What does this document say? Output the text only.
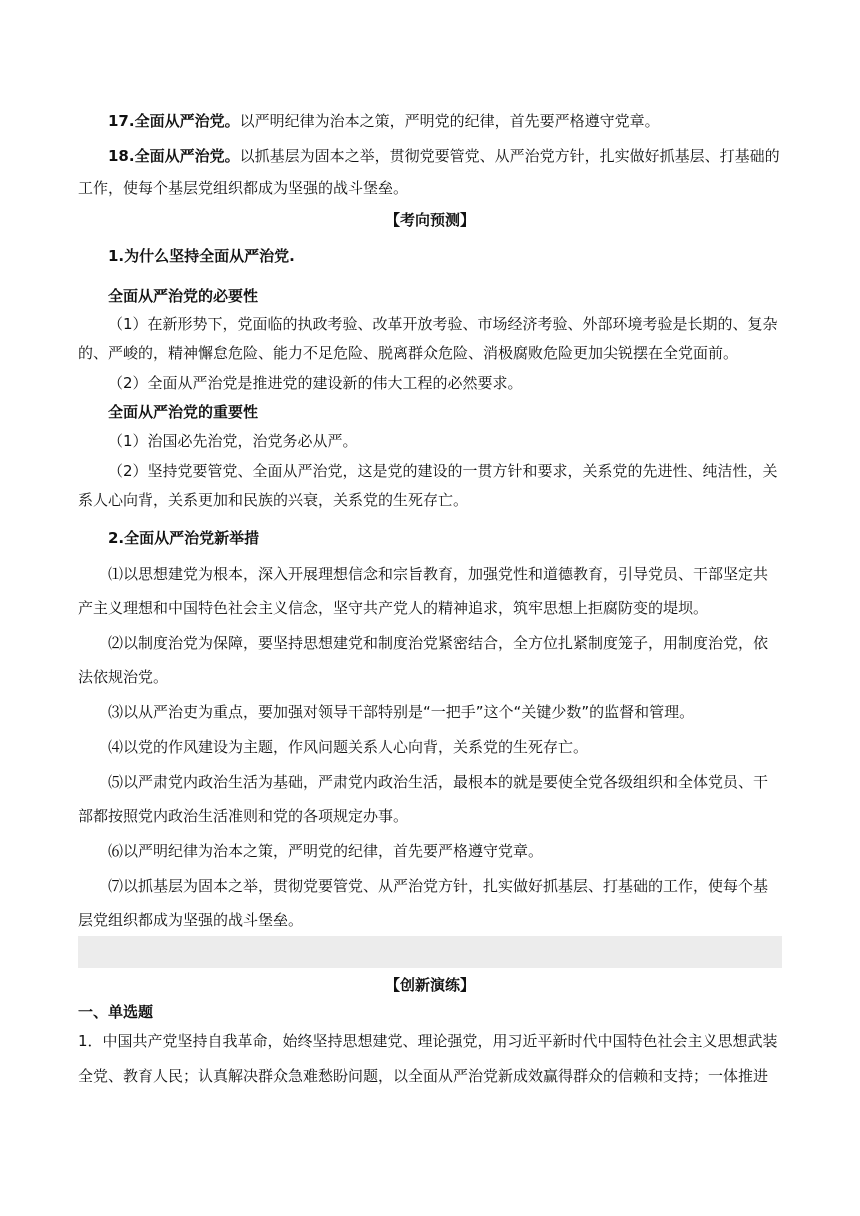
17.全面从严治党。以严明纪律为治本之策，严明党的纪律，首先要严格遵守党章。
18.全面从严治党。以抓基层为固本之举，贯彻党要管党、从严治党方针，扎实做好抓基层、打基础的
工作，使每个基层党组织都成为坚强的战斗堡垒。
【考向预测】
1.为什么坚持全面从严治党.
全面从严治党的必要性
（1）在新形势下，党面临的执政考验、改革开放考验、市场经济考验、外部环境考验是长期的、复杂
的、严峻的，精神懈怠危险、能力不足危险、脱离群众危险、消极腐败危险更加尖锐摆在全党面前。
（2）全面从严治党是推进党的建设新的伟大工程的必然要求。
全面从严治党的重要性
（1）治国必先治党，治党务必从严。
（2）坚持党要管党、全面从严治党，这是党的建设的一贯方针和要求，关系党的先进性、纯洁性，关
系人心向背，关系更加和民族的兴衰，关系党的生死存亡。
2.全面从严治党新举措
⑴以思想建党为根本，深入开展理想信念和宗旨教育，加强党性和道德教育，引导党员、干部坚定共
产主义理想和中国特色社会主义信念，坚守共产党人的精神追求，筑牢思想上拒腐防变的堤坝。
⑵以制度治党为保障，要坚持思想建党和制度治党紧密结合，全方位扎紧制度笼子，用制度治党，依
法依规治党。
⑶以从严治吏为重点，要加强对领导干部特别是“一把手”这个“关键少数”的监督和管理。
⑷以党的作风建设为主题，作风问题关系人心向背，关系党的生死存亡。
⑸以严肃党内政治生活为基础，严肃党内政治生活，最根本的就是要使全党各级组织和全体党员、干
部都按照党内政治生活准则和党的各项规定办事。
⑹以严明纪律为治本之策，严明党的纪律，首先要严格遵守党章。
⑺以抓基层为固本之举，贯彻党要管党、从严治党方针，扎实做好抓基层、打基础的工作，使每个基
层党组织都成为坚强的战斗堡垒。
【创新演练】
一、单选题
1．中国共产党坚持自我革命，始终坚持思想建党、理论强党，用习近平新时代中国特色社会主义思想武装
全党、教育人民；认真解决群众急难愁盼问题，以全面从严治党新成效赢得群众的信赖和支持；一体推进
